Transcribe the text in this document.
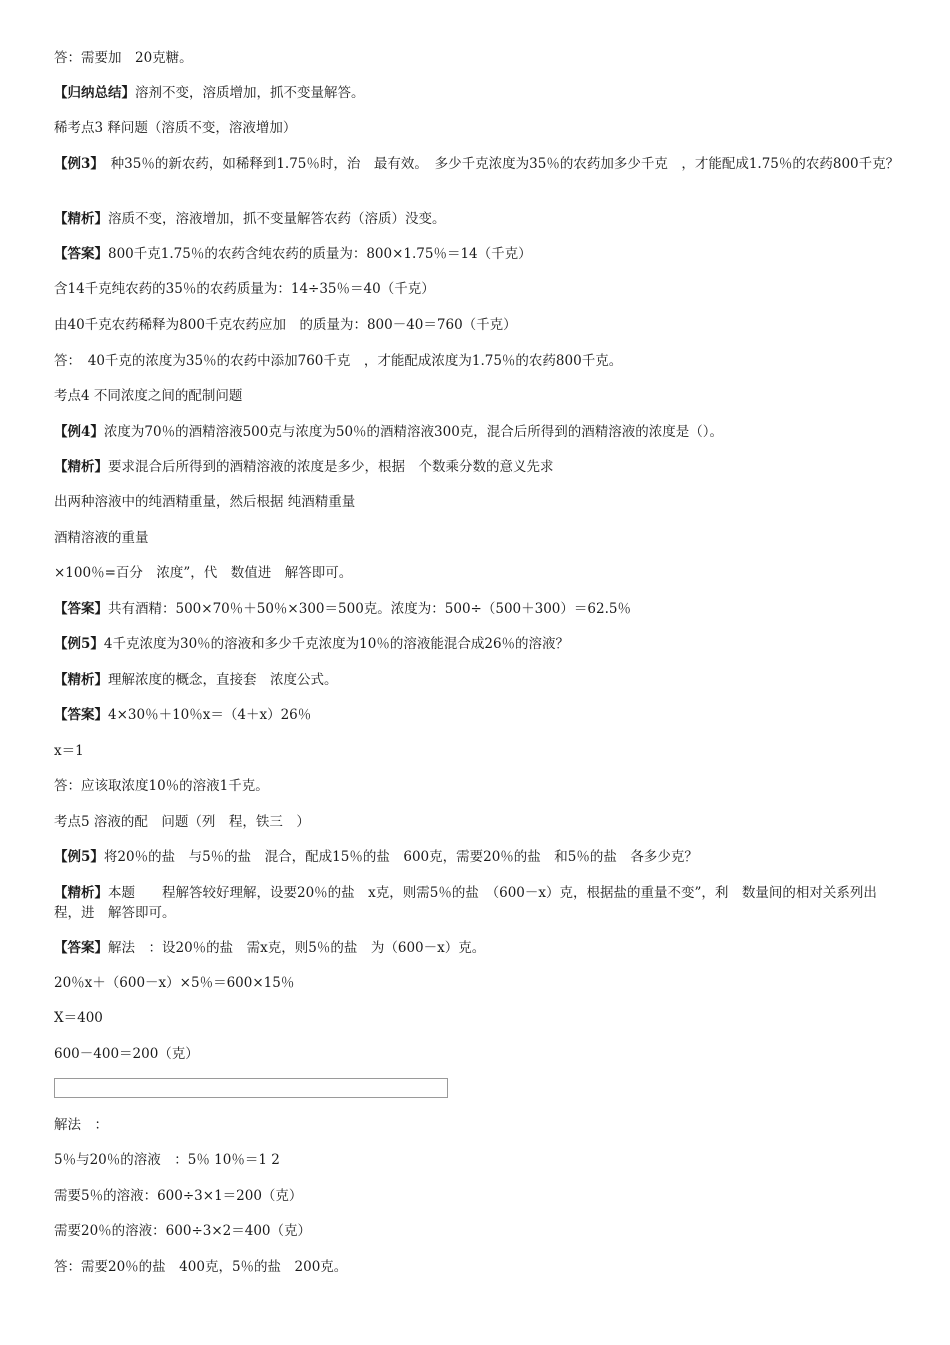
答：需要加　20克糖。
【归纳总结】溶剂不变，溶质增加，抓不变量解答。
稀考点3 释问题（溶质不变，溶液增加）
【例3】　种35％的新农药，如稀释到1.75％时，治　最有效。　多少千克浓度为35％的农药加多少千克　，才能配成1.75％的农药800千克？
【精析】溶质不变，溶液增加，抓不变量解答农药（溶质）没变。
【答案】800千克1.75％的农药含纯农药的质量为：800×1.75％＝14（千克）
含14千克纯农药的35％的农药质量为：14÷35％＝40（千克）
由40千克农药稀释为800千克农药应加　的质量为：800－40＝760（千克）
答：　40千克的浓度为35％的农药中添加760千克　，才能配成浓度为1.75％的农药800千克。
考点4 不同浓度之间的配制问题
【例4】浓度为70％的酒精溶液500克与浓度为50％的酒精溶液300克，混合后所得到的酒精溶液的浓度是（）。
【精析】要求混合后所得到的酒精溶液的浓度是多少，根据　个数乘分数的意义先求
出两种溶液中的纯酒精重量，然后根据 纯酒精重量
酒精溶液的重量
×100％=百分　浓度”，代　数值进　解答即可。
【答案】共有酒精：500×70％＋50％×300＝500克。浓度为：500÷（500＋300）＝62.5％
【例5】4千克浓度为30％的溶液和多少千克浓度为10％的溶液能混合成26％的溶液？
【精析】理解浓度的概念，直接套　浓度公式。
【答案】4×30％＋10％x＝（4＋x）26％
x＝1
答：应该取浓度10％的溶液1千克。
考点5 溶液的配　问题（列　程，铁三　）
【例5】将20％的盐　与5％的盐　混合，配成15％的盐　600克，需要20％的盐　和5％的盐　各多少克？
【精析】本题　　程解答较好理解，设要20％的盐　x克，则需5％的盐　（600－x）克，根据盐的重量不变”，利　数量间的相对关系列出　程，进　解答即可。
【答案】解法　：设20％的盐　需x克，则5％的盐　为（600－x）克。
20％x＋（600－x）×5％＝600×15％
X＝400
600－400＝200（克）
解法　：
5％与20％的溶液　：5％ 10％＝1 2
需要5％的溶液：600÷3×1＝200（克）
需要20％的溶液：600÷3×2＝400（克）
答：需要20％的盐　400克，5％的盐　200克。
